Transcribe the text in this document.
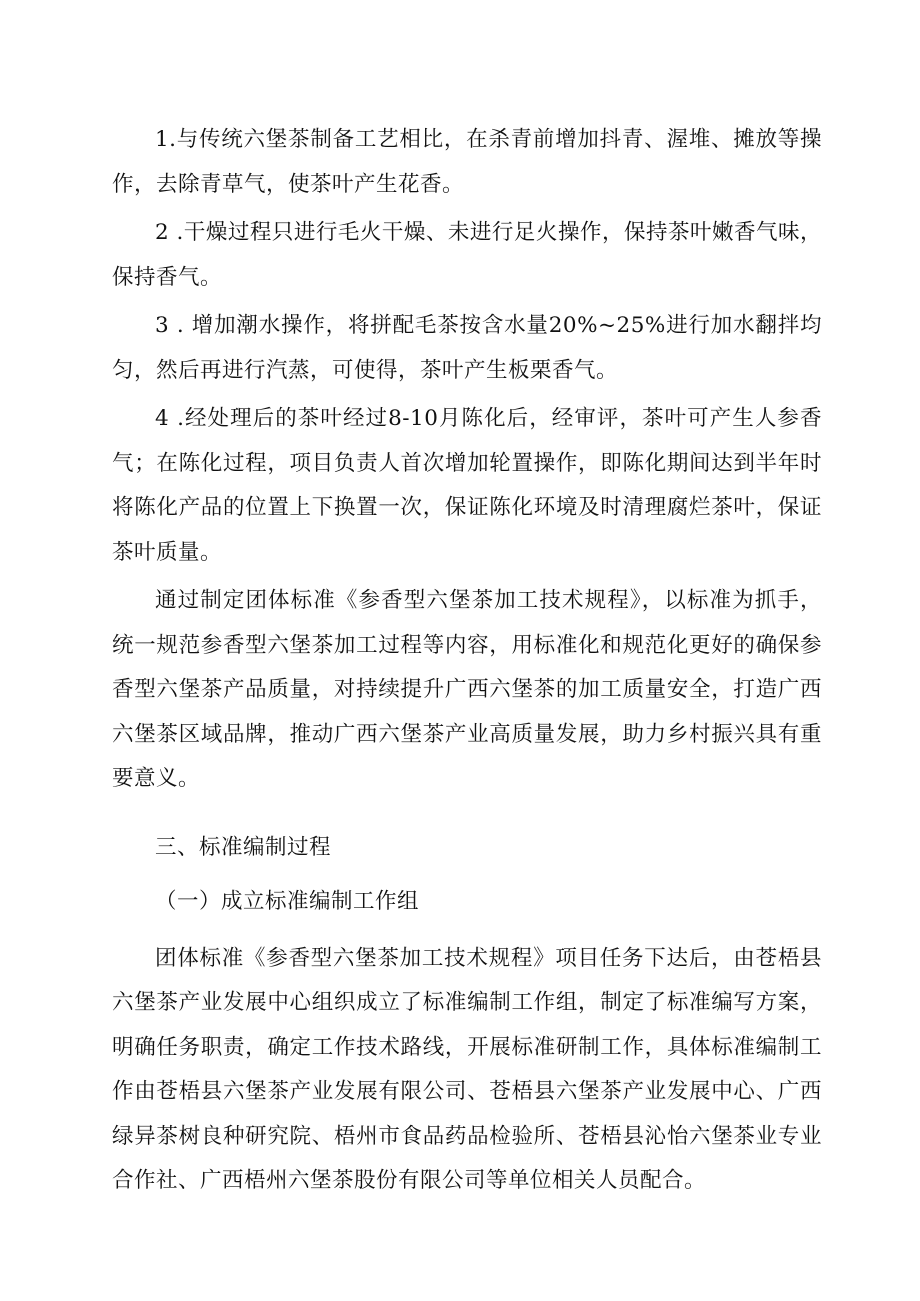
1.与传统六堡茶制备工艺相比，在杀青前增加抖青、渥堆、摊放等操作，去除青草气，使茶叶产生花香。

2 .干燥过程只进行毛火干燥、未进行足火操作，保持茶叶嫩香气味，保持香气。

3 . 增加潮水操作，将拼配毛茶按含水量20%~25%进行加水翻拌均匀，然后再进行汽蒸，可使得，茶叶产生板栗香气。

4 .经处理后的茶叶经过8-10月陈化后，经审评，茶叶可产生人参香气；在陈化过程，项目负责人首次增加轮置操作，即陈化期间达到半年时将陈化产品的位置上下换置一次，保证陈化环境及时清理腐烂茶叶，保证茶叶质量。

通过制定团体标准《参香型六堡茶加工技术规程》，以标准为抓手，统一规范参香型六堡茶加工过程等内容，用标准化和规范化更好的确保参香型六堡茶产品质量，对持续提升广西六堡茶的加工质量安全，打造广西六堡茶区域品牌，推动广西六堡茶产业高质量发展，助力乡村振兴具有重要意义。

三、标准编制过程

（一）成立标准编制工作组

团体标准《参香型六堡茶加工技术规程》项目任务下达后，由苍梧县六堡茶产业发展中心组织成立了标准编制工作组，制定了标准编写方案，明确任务职责，确定工作技术路线，开展标准研制工作，具体标准编制工作由苍梧县六堡茶产业发展有限公司、苍梧县六堡茶产业发展中心、广西绿异茶树良种研究院、梧州市食品药品检验所、苍梧县沁怡六堡茶业专业合作社、广西梧州六堡茶股份有限公司等单位相关人员配合。
